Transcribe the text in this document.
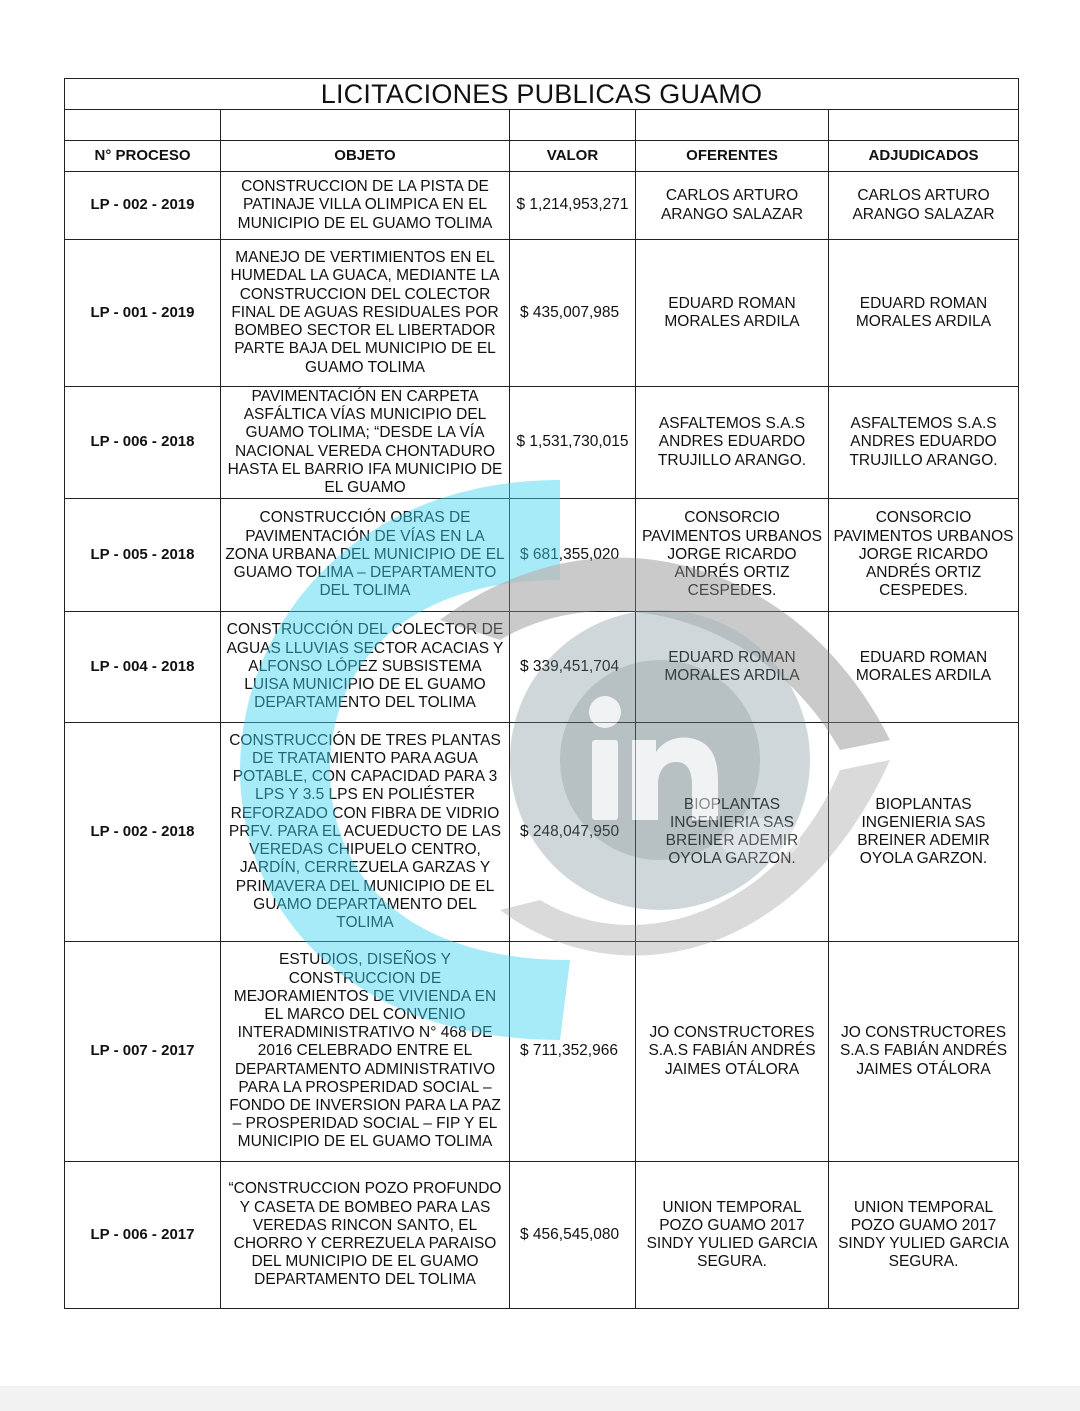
LICITACIONES PUBLICAS GUAMO				

N° PROCESO	OBJETO	VALOR	OFERENTES	ADJUDICADOS
LP - 002 - 2019	CONSTRUCCION DE LA PISTA DE PATINAJE VILLA OLIMPICA EN EL MUNICIPIO DE EL GUAMO TOLIMA	$ 1,214,953,271	CARLOS ARTURO ARANGO SALAZAR	CARLOS ARTURO ARANGO SALAZAR
LP - 001 - 2019	MANEJO DE VERTIMIENTOS EN EL HUMEDAL LA GUACA, MEDIANTE LA CONSTRUCCION DEL COLECTOR FINAL DE AGUAS RESIDUALES POR BOMBEO SECTOR EL LIBERTADOR PARTE BAJA DEL MUNICIPIO DE EL GUAMO TOLIMA	$ 435,007,985	EDUARD ROMAN MORALES ARDILA	EDUARD ROMAN MORALES ARDILA
LP - 006 - 2018	PAVIMENTACIÓN EN CARPETA ASFÁLTICA VÍAS MUNICIPIO DEL GUAMO TOLIMA; “DESDE LA VÍA NACIONAL VEREDA CHONTADURO HASTA EL BARRIO IFA MUNICIPIO DE EL GUAMO	$ 1,531,730,015	ASFALTEMOS S.A.S ANDRES EDUARDO TRUJILLO ARANGO.	ASFALTEMOS S.A.S ANDRES EDUARDO TRUJILLO ARANGO.
LP - 005 - 2018	CONSTRUCCIÓN OBRAS DE PAVIMENTACIÓN DE VÍAS EN LA ZONA URBANA DEL MUNICIPIO DE EL GUAMO TOLIMA – DEPARTAMENTO DEL TOLIMA	$ 681,355,020	CONSORCIO PAVIMENTOS URBANOS JORGE RICARDO ANDRÉS ORTIZ CESPEDES.	CONSORCIO PAVIMENTOS URBANOS JORGE RICARDO ANDRÉS ORTIZ CESPEDES.
LP - 004 - 2018	CONSTRUCCIÓN DEL COLECTOR DE AGUAS LLUVIAS SECTOR ACACIAS Y ALFONSO LÓPEZ SUBSISTEMA LUISA MUNICIPIO DE EL GUAMO DEPARTAMENTO DEL TOLIMA	$ 339,451,704	EDUARD ROMAN MORALES ARDILA	EDUARD ROMAN MORALES ARDILA
LP - 002 - 2018	CONSTRUCCIÓN DE TRES PLANTAS DE TRATAMIENTO PARA AGUA POTABLE, CON CAPACIDAD PARA 3 LPS Y 3.5 LPS EN POLIÉSTER REFORZADO CON FIBRA DE VIDRIO PRFV. PARA EL ACUEDUCTO DE LAS VEREDAS CHIPUELO CENTRO, JARDÍN, CERREZUELA GARZAS Y PRIMAVERA DEL MUNICIPIO DE EL GUAMO DEPARTAMENTO DEL TOLIMA	$ 248,047,950	BIOPLANTAS INGENIERIA SAS BREINER ADEMIR OYOLA GARZON.	BIOPLANTAS INGENIERIA SAS BREINER ADEMIR OYOLA GARZON.
LP - 007 - 2017	ESTUDIOS, DISEÑOS Y CONSTRUCCION DE MEJORAMIENTOS DE VIVIENDA EN EL MARCO DEL CONVENIO INTERADMINISTRATIVO N° 468 DE 2016 CELEBRADO ENTRE EL DEPARTAMENTO ADMINISTRATIVO PARA LA PROSPERIDAD SOCIAL – FONDO DE INVERSION PARA LA PAZ – PROSPERIDAD SOCIAL – FIP Y EL MUNICIPIO DE EL GUAMO TOLIMA	$ 711,352,966	JO CONSTRUCTORES S.A.S FABIÁN ANDRÉS JAIMES OTÁLORA	JO CONSTRUCTORES S.A.S FABIÁN ANDRÉS JAIMES OTÁLORA
LP - 006 - 2017	“CONSTRUCCION POZO PROFUNDO Y CASETA DE BOMBEO PARA LAS VEREDAS RINCON SANTO, EL CHORRO Y CERREZUELA PARAISO DEL MUNICIPIO DE EL GUAMO DEPARTAMENTO DEL TOLIMA	$ 456,545,080	UNION TEMPORAL POZO GUAMO 2017 SINDY YULIED GARCIA SEGURA.	UNION TEMPORAL POZO GUAMO 2017 SINDY YULIED GARCIA SEGURA.
